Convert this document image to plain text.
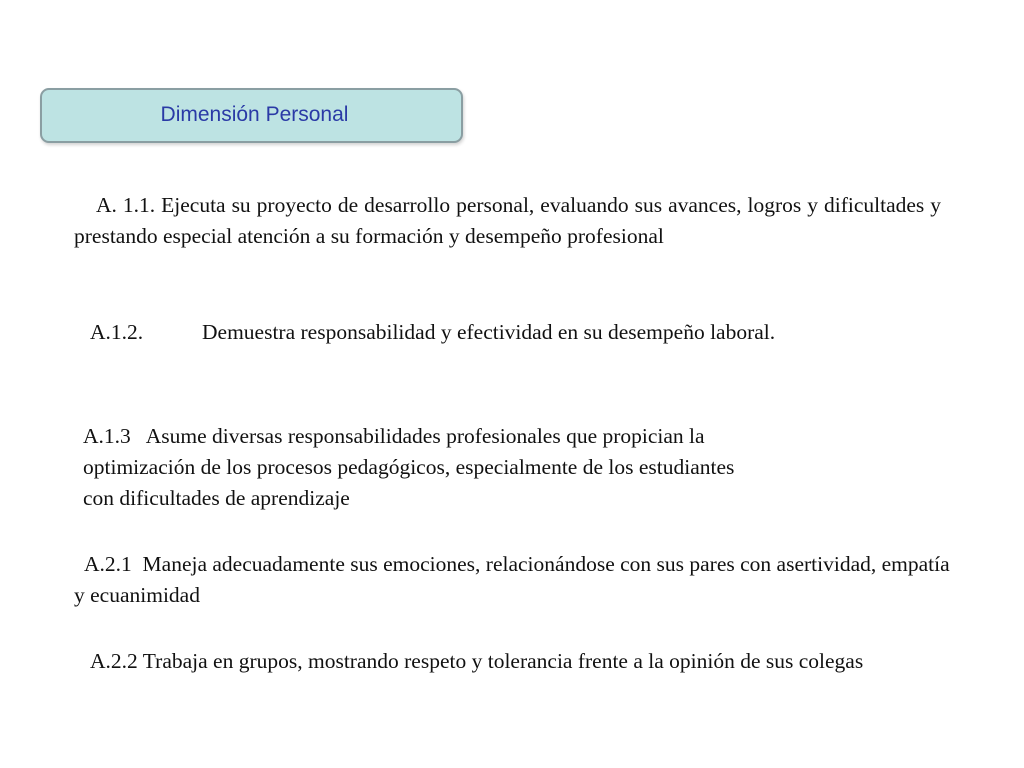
Dimensión Personal

A. 1.1. Ejecuta su proyecto de desarrollo personal, evaluando sus avances, logros y dificultades y prestando especial atención a su formación y desempeño profesional

A.1.2.	Demuestra responsabilidad y efectividad en su desempeño laboral.

A.1.3 Asume diversas responsabilidades profesionales que propician la
optimización de los procesos pedagógicos, especialmente de los estudiantes
con dificultades de aprendizaje

A.2.1 Maneja adecuadamente sus emociones, relacionándose con sus pares con asertividad, empatía y ecuanimidad

A.2.2 Trabaja en grupos, mostrando respeto y tolerancia frente a la opinión de sus colegas
